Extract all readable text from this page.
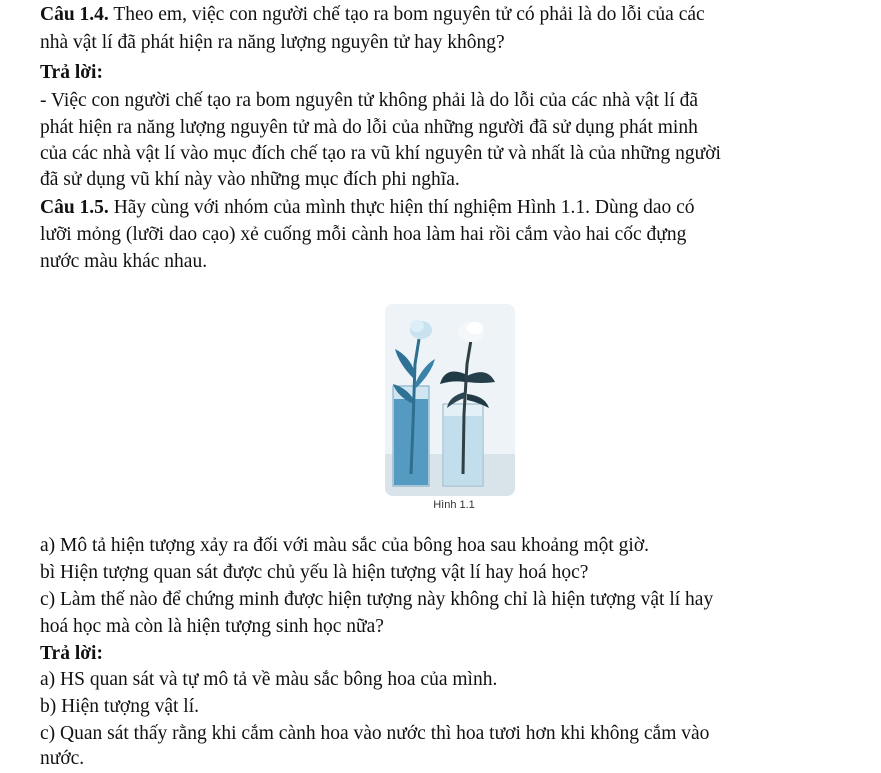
Câu 1.4. Theo em, việc con người chế tạo ra bom nguyên tử có phải là do lỗi của các
nhà vật lí đã phát hiện ra năng lượng nguyên tử hay không?
Trả lời:
- Việc con người chế tạo ra bom nguyên tử không phải là do lỗi của các nhà vật lí đã
phát hiện ra năng lượng nguyên tử mà do lỗi của những người đã sử dụng phát minh
của các nhà vật lí vào mục đích chế tạo ra vũ khí nguyên tử và nhất là của những người
đã sử dụng vũ khí này vào những mục đích phi nghĩa.
Câu 1.5. Hãy cùng với nhóm của mình thực hiện thí nghiệm Hình 1.1. Dùng dao có
lưỡi mỏng (lưỡi dao cạo) xẻ cuống mỗi cành hoa làm hai rồi cắm vào hai cốc đựng
nước màu khác nhau.
Hình 1.1
a) Mô tả hiện tượng xảy ra đối với màu sắc của bông hoa sau khoảng một giờ.
bì Hiện tượng quan sát được chủ yếu là hiện tượng vật lí hay hoá học?
c) Làm thế nào để chứng minh được hiện tượng này không chỉ là hiện tượng vật lí hay
hoá học mà còn là hiện tượng sinh học nữa?
Trả lời:
a) HS quan sát và tự mô tả về màu sắc bông hoa của mình.
b) Hiện tượng vật lí.
c) Quan sát thấy rằng khi cắm cành hoa vào nước thì hoa tươi hơn khi không cắm vào
nước.
